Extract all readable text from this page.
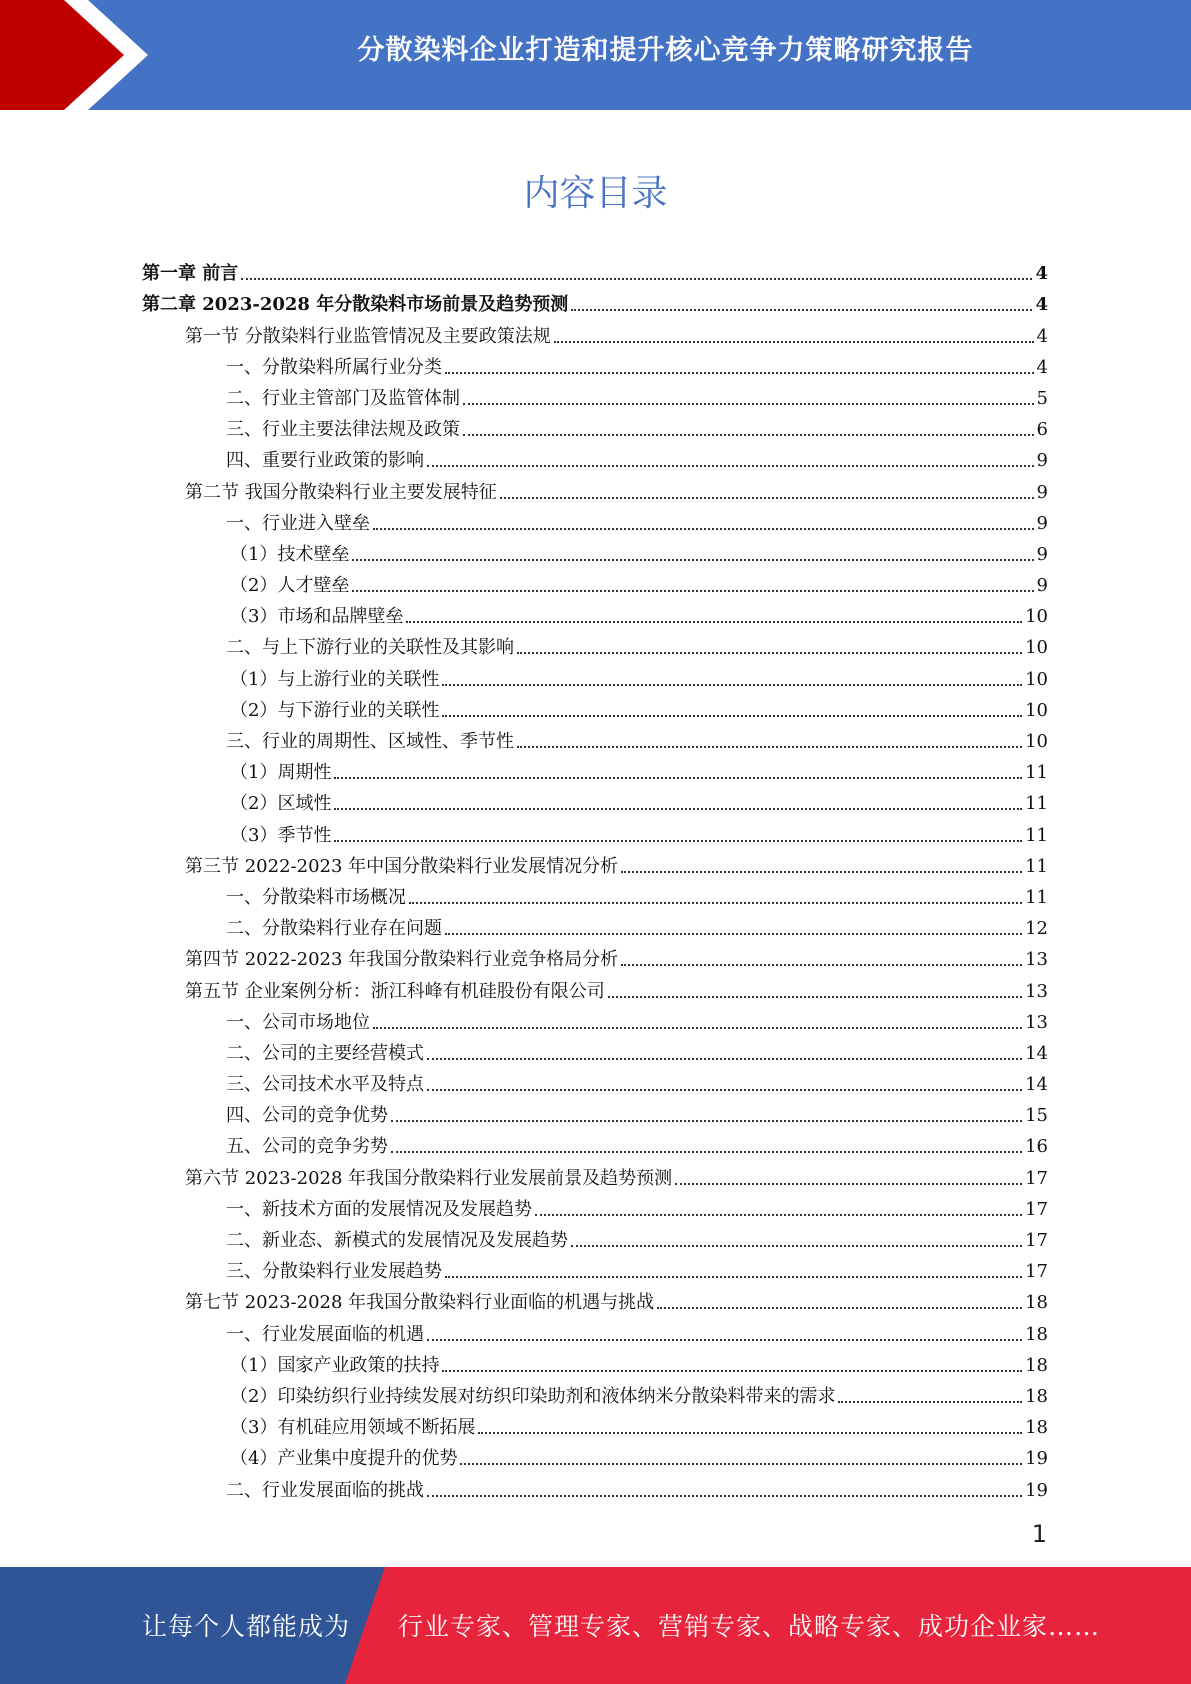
分散染料企业打造和提升核心竞争力策略研究报告
内容目录
第一章 前言	4
第二章 2023-2028 年分散染料市场前景及趋势预测	4
第一节 分散染料行业监管情况及主要政策法规	4
一、分散染料所属行业分类	4
二、行业主管部门及监管体制	5
三、行业主要法律法规及政策	6
四、重要行业政策的影响	9
第二节 我国分散染料行业主要发展特征	9
一、行业进入壁垒	9
（1）技术壁垒	9
（2）人才壁垒	9
（3）市场和品牌壁垒	10
二、与上下游行业的关联性及其影响	10
（1）与上游行业的关联性	10
（2）与下游行业的关联性	10
三、行业的周期性、区域性、季节性	10
（1）周期性	11
（2）区域性	11
（3）季节性	11
第三节 2022-2023 年中国分散染料行业发展情况分析	11
一、分散染料市场概况	11
二、分散染料行业存在问题	12
第四节 2022-2023 年我国分散染料行业竞争格局分析	13
第五节 企业案例分析：浙江科峰有机硅股份有限公司	13
一、公司市场地位	13
二、公司的主要经营模式	14
三、公司技术水平及特点	14
四、公司的竞争优势	15
五、公司的竞争劣势	16
第六节 2023-2028 年我国分散染料行业发展前景及趋势预测	17
一、新技术方面的发展情况及发展趋势	17
二、新业态、新模式的发展情况及发展趋势	17
三、分散染料行业发展趋势	17
第七节 2023-2028 年我国分散染料行业面临的机遇与挑战	18
一、行业发展面临的机遇	18
（1）国家产业政策的扶持	18
（2）印染纺织行业持续发展对纺织印染助剂和液体纳米分散染料带来的需求	18
（3）有机硅应用领域不断拓展	18
（4）产业集中度提升的优势	19
二、行业发展面临的挑战	19
1
让每个人都能成为 行业专家、管理专家、营销专家、战略专家、成功企业家……
